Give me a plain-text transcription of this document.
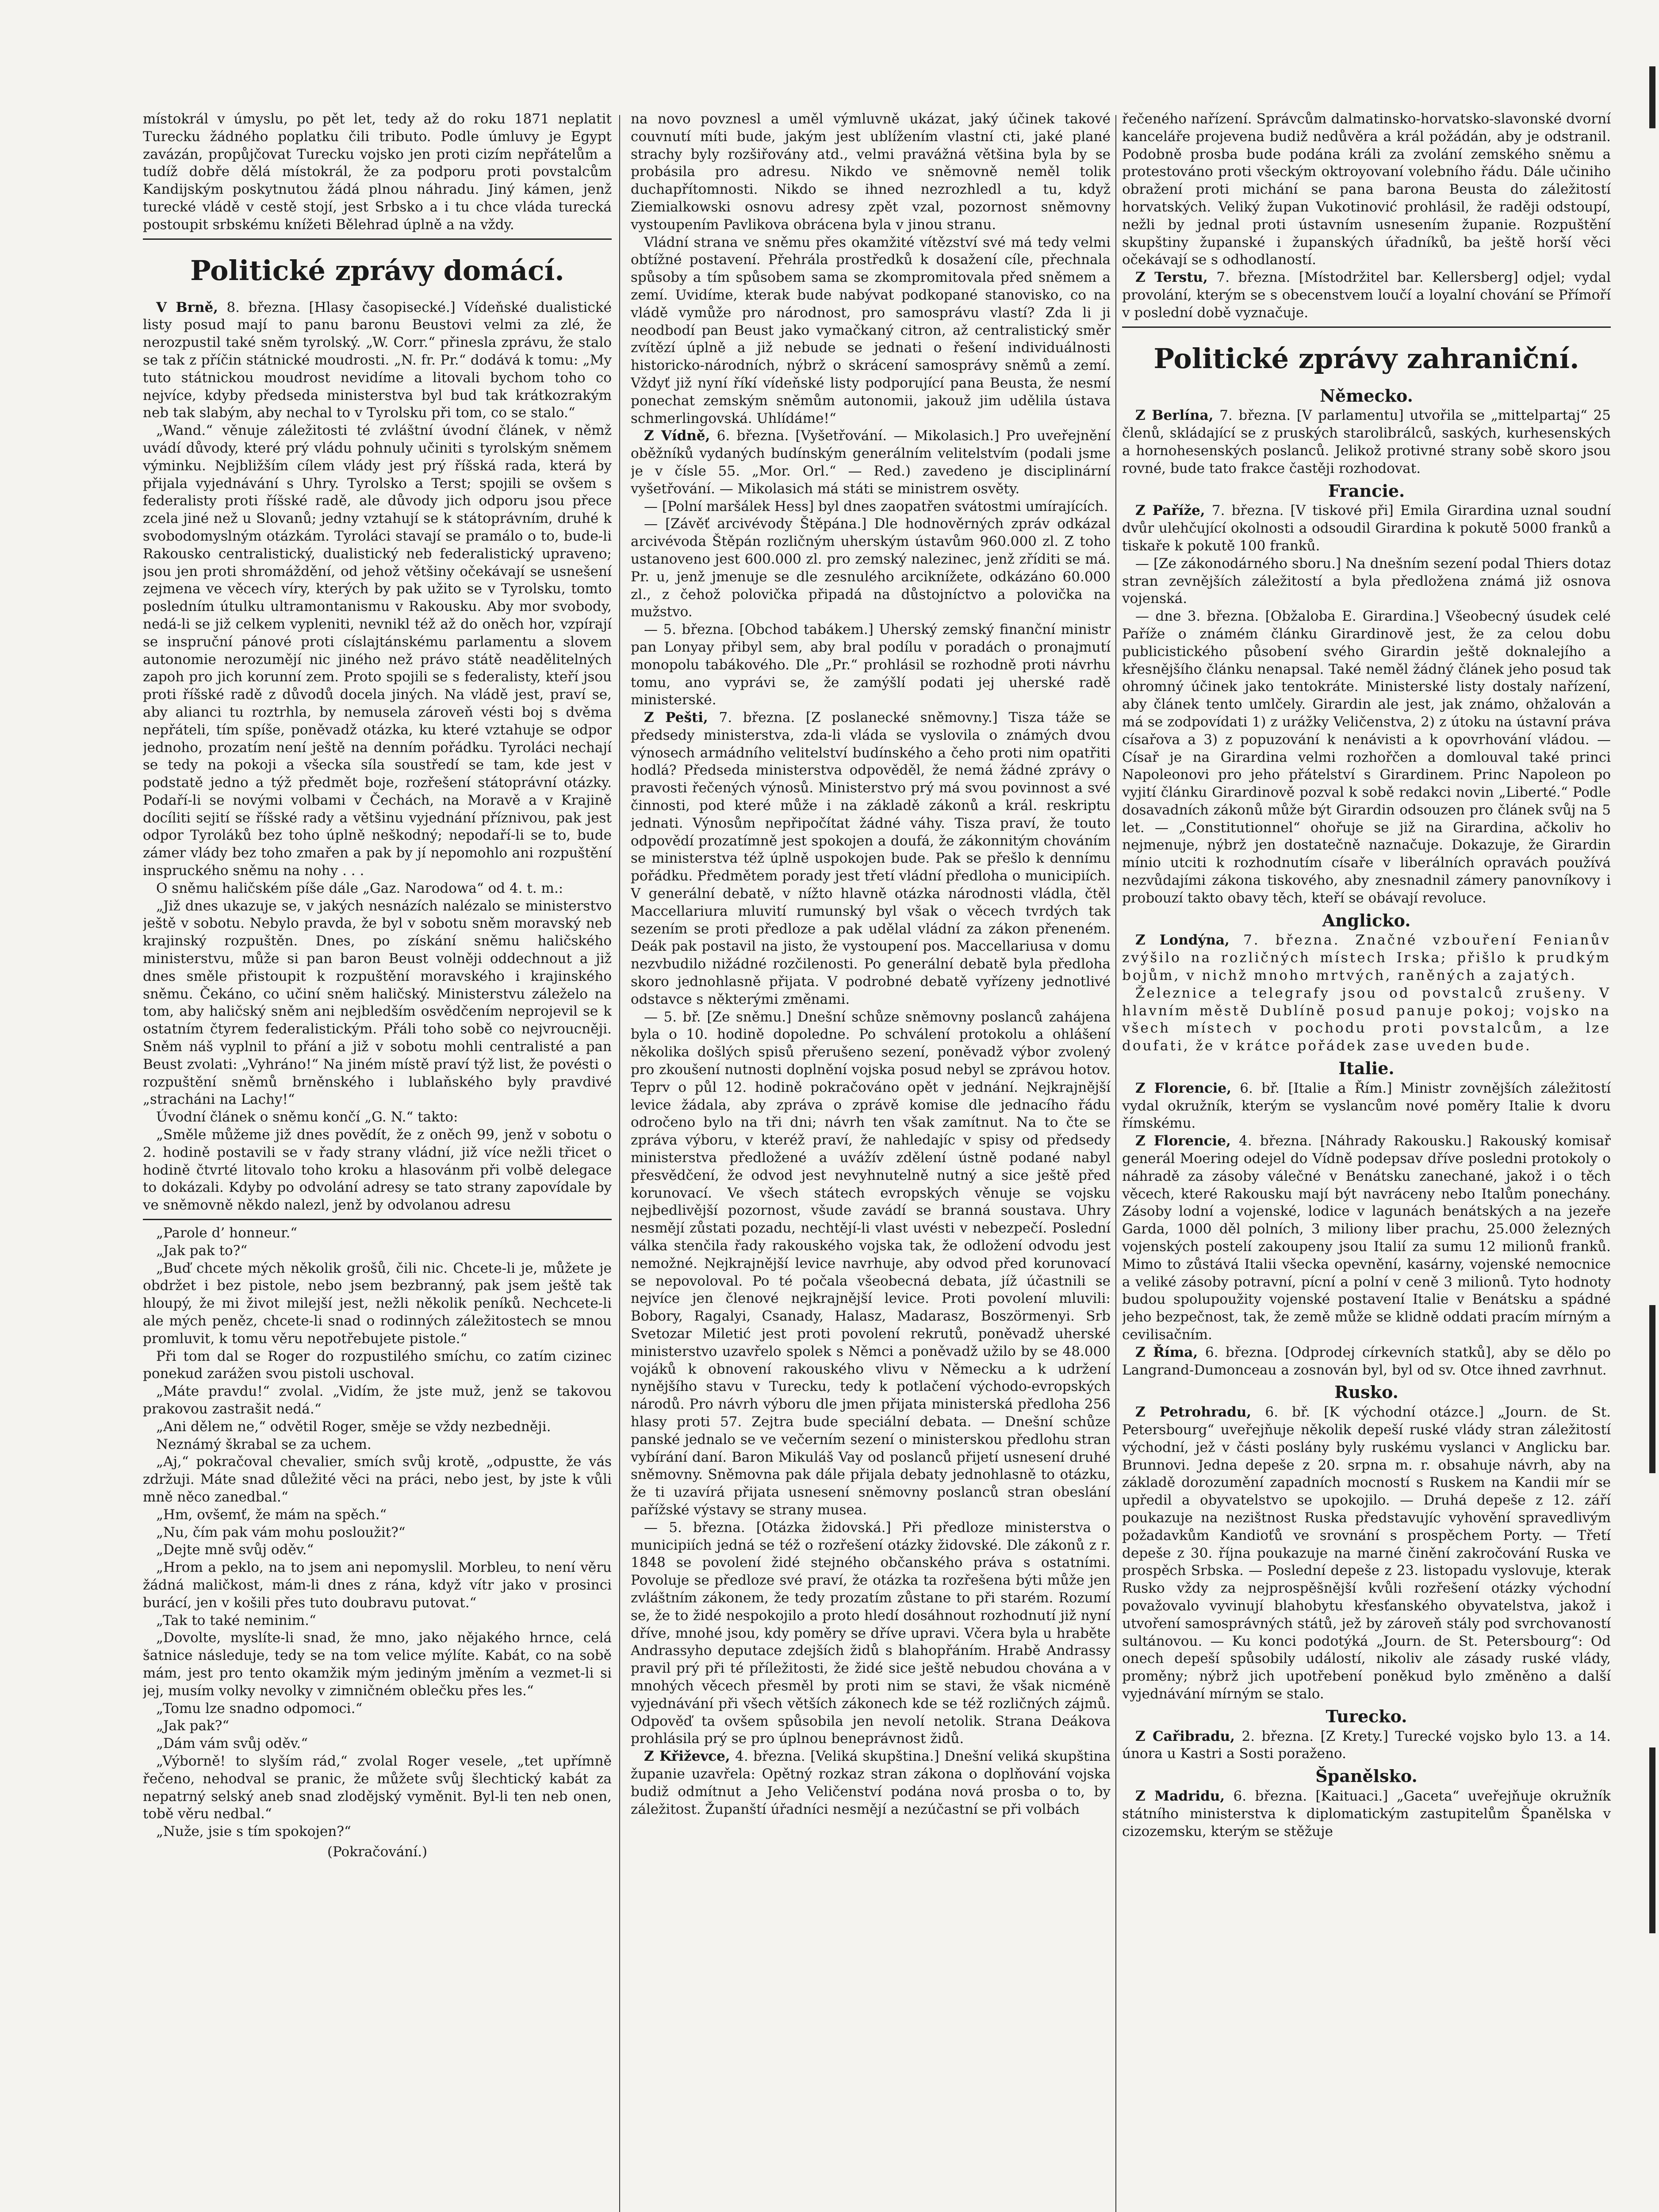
místokrál v úmyslu, po pět let, tedy až do roku 1871 neplatit Turecku žádného poplatku čili tributo. Podle úmluvy je Egypt zavázán, propůjčovat Turecku vojsko jen proti cizím nepřátelům a tudíž dobře dělá místokrál, že za podporu proti povstalcům Kandijským poskytnutou žádá plnou náhradu. Jiný kámen, jenž turecké vládě v cestě stojí, jest Srbsko a i tu chce vláda turecká postoupit srbskému knížeti Bělehrad úplně a na vždy.

Politické zprávy domácí.

V Brně, 8. března. [Hlasy časopisecké.] Vídeňské dualistické listy posud mají to panu baronu Beustovi velmi za zlé, že nerozpustil také sněm tyrolský. „W. Corr.“ přinesla zprávu, že stalo se tak z příčin státnické moudrosti. „N. fr. Pr.“ dodává k tomu: „My tuto státnickou moudrost nevidíme a litovali bychom toho co nejvíce, kdyby předseda ministerstva byl bud tak krátkozrakým neb tak slabým, aby nechal to v Tyrolsku při tom, co se stalo.“

„Wand.“ věnuje záležitosti té zvláštní úvodní článek, v němž uvádí důvody, které prý vládu pohnuly učiniti s tyrolským sněmem výminku. Nejbližším cílem vlády jest prý říšská rada, která by přijala vyjednávání s Uhry. Tyrolsko a Terst; spojili se ovšem s federalisty proti říšské radě, ale důvody jich odporu jsou přece zcela jiné než u Slovanů; jedny vztahují se k státoprávním, druhé k svobodomyslným otázkám. Tyroláci stavají se pramálo o to, bude-li Rakousko centralistický, dualistický neb federalistický upraveno; jsou jen proti shromáždění, od jehož většiny očekávají se usnešení zejmena ve věcech víry, kterých by pak užito se v Tyrolsku, tomto posledním útulku ultramontanismu v Rakousku. Aby mor svobody, nedá-li se již celkem vypleniti, nevnikl též až do oněch hor, vzpírají se inspruční pánové proti císlajtánskému parlamentu a slovem autonomie nerozumějí nic jiného než právo státě neadělitelných zapoh pro jich korunní zem. Proto spojili se s federalisty, kteří jsou proti říšské radě z důvodů docela jiných. Na vládě jest, praví se, aby alianci tu roztrhla, by nemusela zároveň vésti boj s dvěma nepřáteli, tím spíše, poněvadž otázka, ku které vztahuje se odpor jednoho, prozatím není ještě na denním pořádku. Tyroláci nechají se tedy na pokoji a všecka síla soustředí se tam, kde jest v podstatě jedno a týž předmět boje, rozřešení státoprávní otázky. Podaří-li se novými volbami v Čechách, na Moravě a v Krajině docíliti sejití se říšské rady a většinu vyjednání příznivou, pak jest odpor Tyroláků bez toho úplně neškodný; nepodaří-li se to, bude zámer vlády bez toho zmařen a pak by jí nepomohlo ani rozpuštění inspruckého sněmu na nohy . . .

O sněmu haličském píše dále „Gaz. Narodowa“ od 4. t. m.:

„Již dnes ukazuje se, v jakých nesnázích nalézalo se ministerstvo ještě v sobotu. Nebylo pravda, že byl v sobotu sněm moravský neb krajinský rozpuštěn. Dnes, po získání sněmu haličského ministerstvu, může si pan baron Beust volněji oddechnout a již dnes směle přistoupit k rozpuštění moravského i krajinského sněmu. Čekáno, co učiní sněm haličský. Ministerstvu záleželo na tom, aby haličský sněm ani nejbledším osvědčením neprojevil se k ostatním čtyrem federalistickým. Přáli toho sobě co nejvroucněji. Sněm náš vyplnil to přání a již v sobotu mohli centralisté a pan Beust zvolati: „Vyhráno!“ Na jiném místě praví týž list, že povésti o rozpuštění sněmů brněnského i lublaňského byly pravdivé „stracháni na Lachy!“

Úvodní článek o sněmu končí „G. N.“ takto:

„Směle můžeme již dnes povědít, že z oněch 99, jenž v sobotu o 2. hodině postavili se v řady strany vládní, již více nežli třicet o hodině čtvrté litovalo toho kroku a hlasovánm při volbě delegace to dokázali. Kdyby po odvolání adresy se tato strany zapovídale by ve sněmovně někdo nalezl, jenž by odvolanou adresu

„Parole d’ honneur.“

„Jak pak to?“

„Buď chcete mých několik grošů, čili nic. Chcete-li je, můžete je obdržet i bez pistole, nebo jsem bezbranný, pak jsem ještě tak hloupý, že mi život milejší jest, nežli několik peníků. Nechcete-li ale mých peněz, chcete-li snad o rodinných záležitostech se mnou promluvit, k tomu věru nepotřebujete pistole.“

Při tom dal se Roger do rozpustilého smíchu, co zatím cizinec ponekud zarážen svou pistoli uschoval.

„Máte pravdu!“ zvolal. „Vidím, že jste muž, jenž se takovou prakovou zastrašit nedá.“

„Ani dělem ne,“ odvětil Roger, směje se vždy nezbedněji.

Neznámý škrabal se za uchem.

„Aj,“ pokračoval chevalier, smích svůj krotě, „odpustte, že vás zdržuji. Máte snad důležité věci na práci, nebo jest, by jste k vůli mně něco zanedbal.“

„Hm, ovšemť, že mám na spěch.“

„Nu, čím pak vám mohu posloužit?“

„Dejte mně svůj oděv.“

„Hrom a peklo, na to jsem ani nepomyslil. Morbleu, to není věru žádná maličkost, mám-li dnes z rána, když vítr jako v prosinci burácí, jen v košili přes tuto doubravu putovat.“

„Tak to také neminim.“

„Dovolte, myslíte-li snad, že mno, jako nějakého hrnce, celá šatnice následuje, tedy se na tom velice mýlíte. Kabát, co na sobě mám, jest pro tento okamžik mým jediným jměním a vezmet-li si jej, musím volky nevolky v zimničném oblečku přes les.“

„Tomu lze snadno odpomoci.“

„Jak pak?“

„Dám vám svůj oděv.“

„Výborně! to slyším rád,“ zvolal Roger vesele, „tet upřímně řečeno, nehodval se pranic, že můžete svůj šlechtický kabát za nepatrný selský aneb snad zlodějský vyměnit. Byl-li ten neb onen, tobě věru nedbal.“

„Nuže, jsie s tím spokojen?“

(Pokračování.)

na novo povznesl a uměl výmluvně ukázat, jaký účinek takové couvnutí míti bude, jakým jest ublížením vlastní cti, jaké plané strachy byly rozšiřovány atd., velmi pravážná většina byla by se probásila pro adresu. Nikdo ve sněmovně neměl tolik duchapřítomnosti. Nikdo se ihned nezrozhledl a tu, když Ziemialkowski osnovu adresy zpět vzal, pozornost sněmovny vystoupením Pavlikova obrácena byla v jinou stranu.

Vládní strana ve sněmu přes okamžité vítězství své má tedy velmi obtížné postavení. Přehrála prostředků k dosažení cíle, přechnala spůsoby a tím spůsobem sama se zkompromitovala před sněmem a zemí. Uvidíme, kterak bude nabývat podkopané stanovisko, co na vládě vymůže pro národnost, pro samosprávu vlastí? Zda li ji neodbodí pan Beust jako vymačkaný citron, až centralistický směr zvítězí úplně a již nebude se jednati o řešení individuálnosti historicko-národních, nýbrž o skrácení samosprávy sněmů a zemí. Vždyť již nyní říkí vídeňské listy podporující pana Beusta, že nesmí ponechat zemským sněmům autonomii, jakouž jim udělila ústava schmerlingovská. Uhlídáme!“

Z Vídně, 6. března. [Vyšetřování. — Mikolasich.] Pro uveřejnění oběžníků vydaných budínským generálním velitelstvím (podali jsme je v čísle 55. „Mor. Orl.“ — Red.) zavedeno je disciplinární vyšetřování. — Mikolasich má státi se ministrem osvěty.

— [Polní maršálek Hess] byl dnes zaopatřen svátostmi umírajících.

— [Závěť arcivévody Štěpána.] Dle hodnověrných zpráv odkázal arcivévoda Štěpán rozličným uherským ústavům 960.000 zl. Z toho ustanoveno jest 600.000 zl. pro zemský nalezinec, jenž zříditi se má. Pr. u, jenž jmenuje se dle zesnulého arciknížete, odkázáno 60.000 zl., z čehož polovička připadá na důstojníctvo a polovička na mužstvo.

— 5. března. [Obchod tabákem.] Uherský zemský finanční ministr pan Lonyay přibyl sem, aby bral podílu v poradách o pronajmutí monopolu tabákového. Dle „Pr.“ prohlásil se rozhodně proti návrhu tomu, ano vyprávi se, že zamýšlí podati jej uherské radě ministerské.

Z Pešti, 7. března. [Z poslanecké sněmovny.] Tisza táže se předsedy ministerstva, zda-li vláda se vyslovila o známých dvou výnosech armádního velitelství budínského a čeho proti nim opatřiti hodlá? Předseda ministerstva odpověděl, že nemá žádné zprávy o pravosti řečených výnosů. Ministerstvo prý má svou povinnost a své činnosti, pod které může i na základě zákonů a král. reskriptu jednati. Výnosům nepřipočítat žádné váhy. Tisza praví, že touto odpovědí prozatímně jest spokojen a doufá, že zákonnitým chováním se ministerstva též úplně uspokojen bude. Pak se přešlo k dennímu pořádku. Předmětem porady jest třetí vládní předloha o municipiích. V generální debatě, v nížto hlavně otázka národnosti vládla, čtěl Maccellariura mluvití rumunský byl však o věcech tvrdých tak sezením se proti předloze a pak udělal vládní za zákon přeneném. Deák pak postavil na jisto, že vystoupení pos. Maccellariusa v domu nezvbudilo nižádné rozčilenosti. Po generální debatě byla předloha skoro jednohlasně přijata. V podrobné debatě vyřízeny jednotlivé odstavce s některými změnami.

— 5. bř. [Ze sněmu.] Dnešní schůze sněmovny poslanců zahájena byla o 10. hodině dopoledne. Po schválení protokolu a ohlášení několika došlých spisů přerušeno sezení, poněvadž výbor zvolený pro zkoušení nutnosti doplnění vojska posud nebyl se zprávou hotov. Teprv o půl 12. hodině pokračováno opět v jednání. Nejkrajnější levice žádala, aby zpráva o zprávě komise dle jednacího řádu odročeno bylo na tři dni; návrh ten však zamítnut. Na to čte se zpráva výboru, v kteréž praví, že nahledajíc v spisy od předsedy ministerstva předložené a uvážív zdělení ústně podané nabyl přesvědčení, že odvod jest nevyhnutelně nutný a sice ještě před korunovací. Ve všech státech evropských věnuje se vojsku nejbedlivější pozornost, všude zavádí se branná soustava. Uhry nesmějí zůstati pozadu, nechtějí-li vlast uvésti v nebezpečí. Poslední válka stenčila řady rakouského vojska tak, že odložení odvodu jest nemožné. Nejkrajnější levice navrhuje, aby odvod před korunovací se nepovoloval. Po té počala všeobecná debata, jíž účastnili se nejvíce jen členové nejkrajnější levice. Proti povolení mluvili: Bobory, Ragalyi, Csanady, Halasz, Madarasz, Boszörmenyi. Srb Svetozar Miletić jest proti povolení rekrutů, poněvadž uherské ministerstvo uzavřelo spolek s Němci a poněvadž užilo by se 48.000 vojáků k obnovení rakouského vlivu v Německu a k udržení nynějšího stavu v Turecku, tedy k potlačení východo-evropských národů. Pro návrh výboru dle jmen přijata ministerská předloha 256 hlasy proti 57. Zejtra bude speciální debata. — Dnešní schůze panské jednalo se ve večerním sezení o ministerskou předlohu stran vybírání daní. Baron Mikuláš Vay od poslanců přijetí usnesení druhé sněmovny. Sněmovna pak dále přijala debaty jednohlasně to otázku, že ti uzavírá přijata usnesení sněmovny poslanců stran obeslání pařížské výstavy se strany musea.

— 5. března. [Otázka židovská.] Při předloze ministerstva o municipiích jedná se též o rozřešení otázky židovské. Dle zákonů z r. 1848 se povolení židé stejného občanského práva s ostatními. Povoluje se předloze své praví, že otázka ta rozřešena býti může jen zvláštním zákonem, že tedy prozatím zůstane to při starém. Rozumí se, že to židé nespokojilo a proto hledí dosáhnout rozhodnutí již nyní dříve, mnohé jsou, kdy poměry se dříve upravi. Včera byla u hraběte Andrassyho deputace zdejších židů s blahopřáním. Hrabě Andrassy pravil prý při té příležitosti, že židé sice ještě nebudou chována a v mnohých věcech přesměl by proti nim se stavi, že však nicméně vyjednávání při všech větších zákonech kde se též rozličných zájmů. Odpověď ta ovšem spůsobila jen nevolí netolik. Strana Deákova prohlásila prý se pro úplnou beneprávnost židů.

Z Křiževce, 4. března. [Veliká skupština.] Dnešní veliká skupština županie uzavřela: Opětný rozkaz stran zákona o doplňování vojska budiž odmítnut a Jeho Veličenství podána nová prosba o to, by záležitost. Županští úřadníci nesmějí a nezúčastní se při volbách

řečeného nařízení. Správcům dalmatinsko-horvatsko-slavonské dvorní kanceláře projevena budiž nedůvěra a král požádán, aby je odstranil. Podobně prosba bude podána králi za zvolání zemského sněmu a protestováno proti všeckým oktroyovaní volebního řádu. Dále učiniho obražení proti michání se pana barona Beusta do záležitostí horvatských. Veliký župan Vukotinović prohlásil, že raději odstoupí, nežli by jednal proti ústavním usnesením županie. Rozpuštění skupštiny županské i županských úřadníků, ba ještě horší věci očekávají se s odhodlaností.

Z Terstu, 7. března. [Místodržitel bar. Kellersberg] odjel; vydal provolání, kterým se s obecenstvem loučí a loyalní chování se Přímoří v poslední době vyznačuje.

Politické zprávy zahraniční.
Německo.

Z Berlína, 7. března. [V parlamentu] utvořila se „mittelpartaj“ 25 členů, skládající se z pruských starolibrálců, saských, kurhesenských a hornohesenských poslanců. Jelikož protivné strany sobě skoro jsou rovné, bude tato frakce častěji rozhodovat.

Francie.

Z Paříže, 7. března. [V tiskové při] Emila Girardina uznal soudní dvůr ulehčující okolnosti a odsoudil Girardina k pokutě 5000 franků a tiskaře k pokutě 100 franků.

— [Ze zákonodárného sboru.] Na dnešním sezení podal Thiers dotaz stran zevnějších záležitostí a byla předložena známá již osnova vojenská.

— dne 3. března. [Obžaloba E. Girardina.] Všeobecný úsudek celé Paříže o známém článku Girardinově jest, že za celou dobu publicistického působení svého Girardin ještě doknalejího a křesnějšího článku nenapsal. Také neměl žádný článek jeho posud tak ohromný účinek jako tentokráte. Ministerské listy dostaly nařízení, aby článek tento umlčely. Girardin ale jest, jak známo, ohžalován a má se zodpovídati 1) z urážky Veličenstva, 2) z útoku na ústavní práva císařova a 3) z popuzování k nenávisti a k opovrhování vládou. — Císař je na Girardina velmi rozhořčen a domlouval také princi Napoleonovi pro jeho přátelství s Girardinem. Princ Napoleon po vyjití článku Girardinově pozval k sobě redakci novin „Liberté.“ Podle dosavadních zákonů může být Girardin odsouzen pro článek svůj na 5 let. — „Constitutionnel“ ohořuje se již na Girardina, ačkoliv ho nejmenuje, nýbrž jen dostatečně naznačuje. Dokazuje, že Girardin mínio utciti k rozhodnutím císaře v liberálních opravách používá nezvůdajími zákona tiskového, aby znesnadnil zámery panovníkovy i probouzí takto obavy těch, kteří se obávají revoluce.

Anglicko.

Z Londýna, 7. března. Značné vzbouření Fenianův zvýšilo na rozličných místech Irska; přišlo k prudkým bojům, v nichž mnoho mrtvých, raněných a zajatých.

Železnice a telegrafy jsou od povstalců zrušeny. V hlavním městě Dublíně posud panuje pokoj; vojsko na všech místech v pochodu proti povstalcům, a lze doufati, že v krátce pořádek zase uveden bude.

Italie.

Z Florencie, 6. bř. [Italie a Řím.] Ministr zovnějších záležitostí vydal okružník, kterým se vyslancům nové poměry Italie k dvoru římskému.

Z Florencie, 4. března. [Náhrady Rakousku.] Rakouský komisař generál Moering odejel do Vídně podepsav dříve posledni protokoly o náhradě za zásoby válečné v Benátsku zanechané, jakož i o těch věcech, které Rakousku mají být navráceny nebo Italům ponechány. Zásoby lodní a vojenské, lodice v lagunách benátských a na jezeře Garda, 1000 děl polních, 3 miliony liber prachu, 25.000 železných vojenských postelí zakoupeny jsou Italií za sumu 12 milionů franků. Mimo to zůstává Italii všecka opevnění, kasárny, vojenské nemocnice a veliké zásoby potravní, pícní a polní v ceně 3 milionů. Tyto hodnoty budou spolupoužity vojenské postavení Italie v Benátsku a spádné jeho bezpečnost, tak, že země může se klidně oddati pracím mírným a cevilisačním.

Z Říma, 6. března. [Odprodej církevních statků], aby se dělo po Langrand-Dumonceau a zosnován byl, byl od sv. Otce ihned zavrhnut.

Rusko.

Z Petrohradu, 6. bř. [K východní otázce.] „Journ. de St. Petersbourg“ uveřejňuje několik depeší ruské vlády stran záležitostí východní, jež v části poslány byly ruskému vyslanci v Anglicku bar. Brunnovi. Jedna depeše z 20. srpna m. r. obsahuje návrh, aby na základě dorozumění zapadních mocností s Ruskem na Kandii mír se upředil a obyvatelstvo se upokojilo. — Druhá depeše z 12. září poukazuje na nezištnost Ruska představujíc vyhovění spravedlivým požadavkům Kandioťů ve srovnání s prospěchem Porty. — Třetí depeše z 30. října poukazuje na marné činění zakročování Ruska ve prospěch Srbska. — Poslední depeše z 23. listopadu vyslovuje, kterak Rusko vždy za nejprospěšnější kvůli rozřešení otázky východní považovalo vyvinují blahobytu křesťanského obyvatelstva, jakož i utvoření samosprávných států, jež by zároveň stály pod svrchovaností sultánovou. — Ku konci podotýká „Journ. de St. Petersbourg“: Od onech depeší spůsobily událostí, nikoliv ale zásady ruské vlády, proměny; nýbrž jich upotřebení poněkud bylo změněno a další vyjednávání mírným se stalo.

Turecko.

Z Cařibradu, 2. března. [Z Krety.] Turecké vojsko bylo 13. a 14. února u Kastri a Sosti poraženo.

Španělsko.

Z Madridu, 6. března. [Kaituaci.] „Gaceta“ uveřejňuje okružník státního ministerstva k diplomatickým zastupitelům Španělska v cizozemsku, kterým se stěžuje
